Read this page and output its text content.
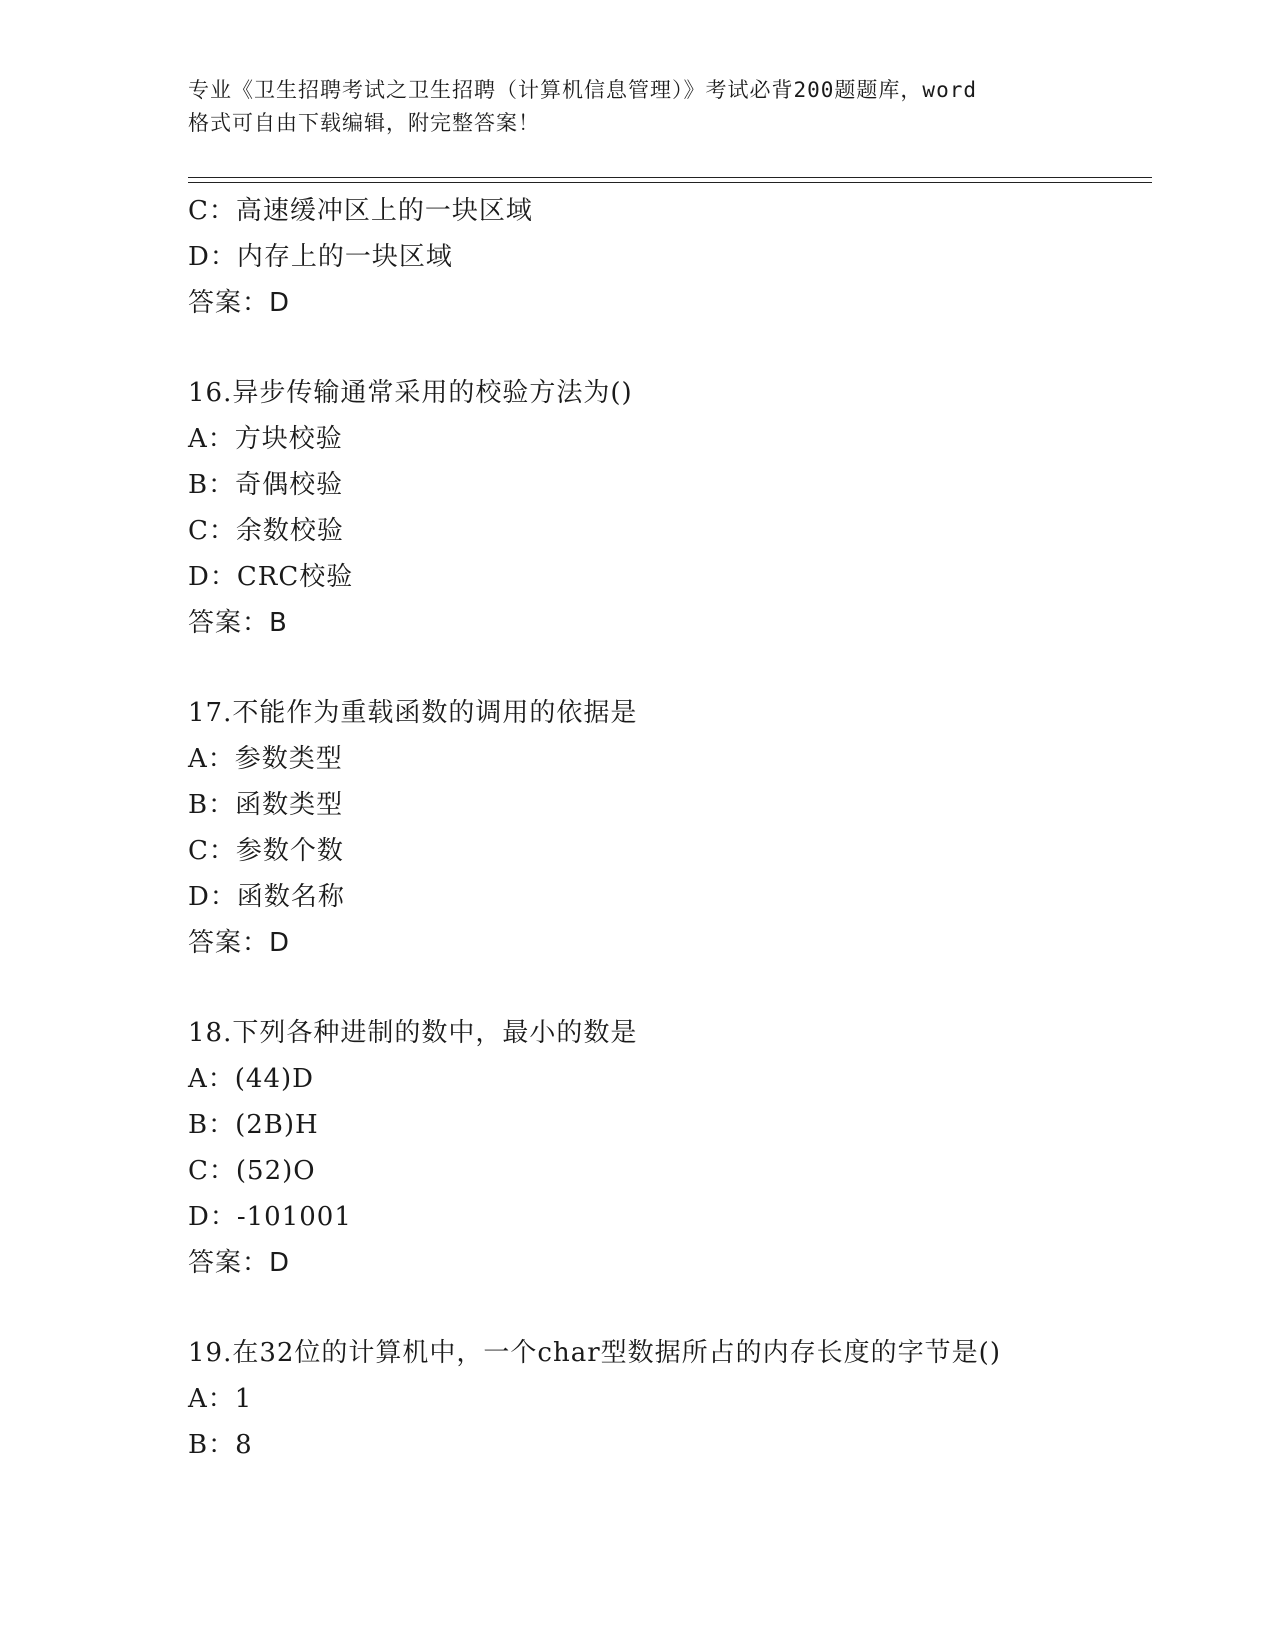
专业《卫生招聘考试之卫生招聘（计算机信息管理）》考试必背200题题库，word
格式可自由下载编辑，附完整答案！
C：高速缓冲区上的一块区域
D：内存上的一块区域
答案：D
16.异步传输通常采用的校验方法为()
A：方块校验
B：奇偶校验
C：余数校验
D：CRC校验
答案：B
17.不能作为重载函数的调用的依据是
A：参数类型
B：函数类型
C：参数个数
D：函数名称
答案：D
18.下列各种进制的数中，最小的数是
A：(44)D
B：(2B)H
C：(52)O
D：-101001
答案：D
19.在32位的计算机中，一个char型数据所占的内存长度的字节是()
A：1
B：8
